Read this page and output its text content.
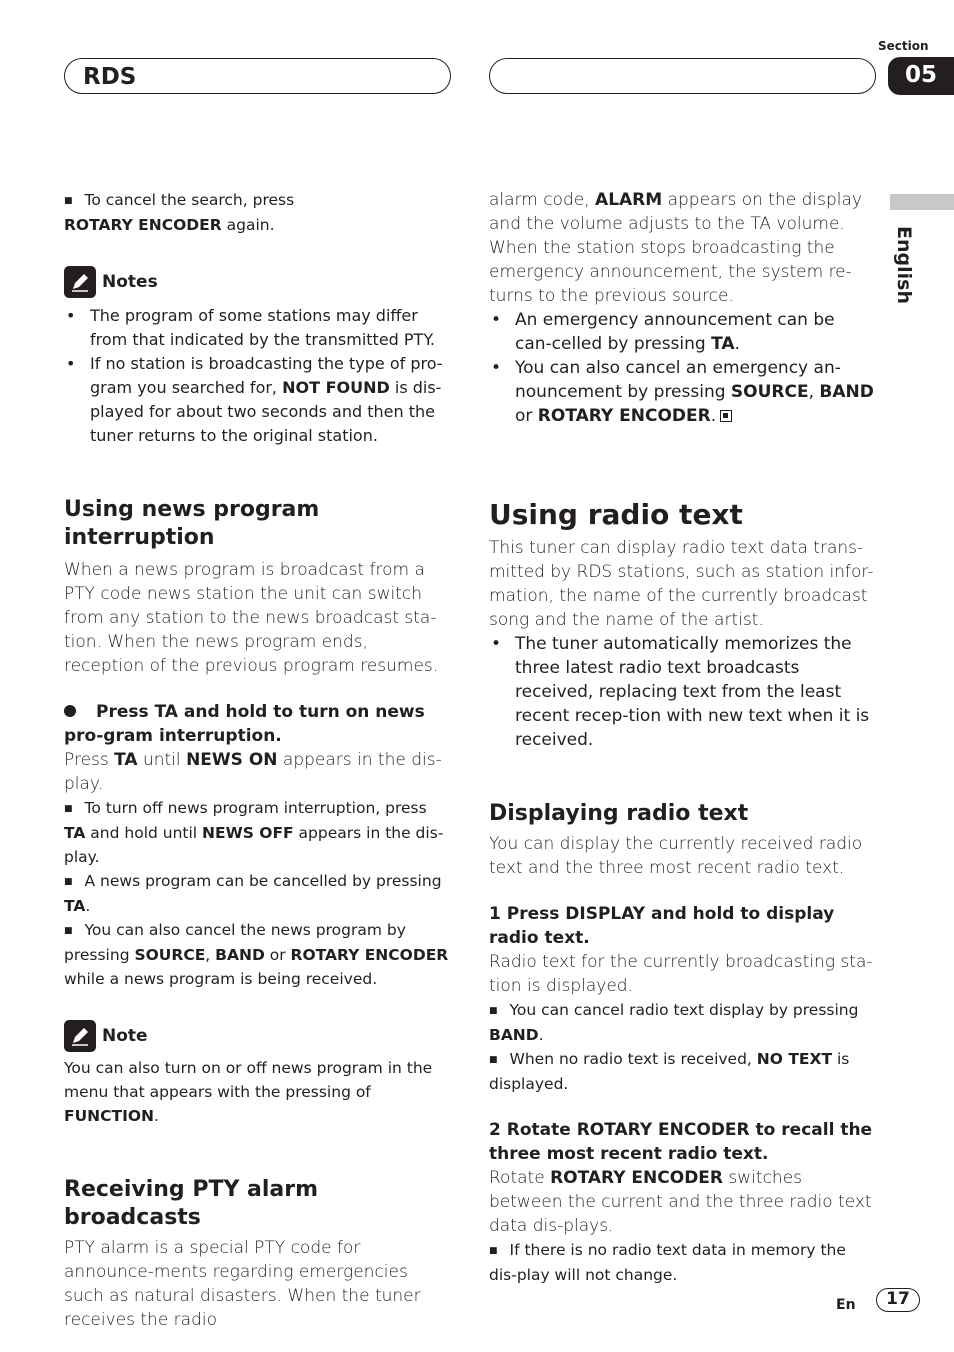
RDS
Section
05
English

■ To cancel the search, press
ROTARY ENCODER again.

Notes

• The program of some stations may differ from that indicated by the transmitted PTY.

• If no station is broadcasting the type of pro-gram you searched for, NOT FOUND is dis-played for about two seconds and then the tuner returns to the original station.

Using news program interruption

When a news program is broadcast from a PTY code news station the unit can switch from any station to the news broadcast sta-tion. When the news program ends, reception of the previous program resumes.

Press TA and hold to turn on news pro-gram interruption.

Press TA until NEWS ON appears in the dis-play.

■ To turn off news program interruption, press TA and hold until NEWS OFF appears in the dis-play.

■ A news program can be cancelled by pressing TA.

■ You can also cancel the news program by pressing SOURCE, BAND or ROTARY ENCODER while a news program is being received.

Note

You can also turn on or off news program in the menu that appears with the pressing of FUNCTION.

Receiving PTY alarm broadcasts

PTY alarm is a special PTY code for announce-ments regarding emergencies such as natural disasters. When the tuner receives the radio

alarm code, ALARM appears on the display and the volume adjusts to the TA volume. When the station stops broadcasting the emergency announcement, the system re-turns to the previous source.

• An emergency announcement can be can-celled by pressing TA.

• You can also cancel an emergency an-nouncement by pressing SOURCE, BAND or ROTARY ENCODER.

Using radio text

This tuner can display radio text data trans-mitted by RDS stations, such as station infor-mation, the name of the currently broadcast song and the name of the artist.

• The tuner automatically memorizes the three latest radio text broadcasts received, replacing text from the least recent recep-tion with new text when it is received.

Displaying radio text

You can display the currently received radio text and the three most recent radio text.

1 Press DISPLAY and hold to display radio text.

Radio text for the currently broadcasting sta-tion is displayed.

■ You can cancel radio text display by pressing BAND.

■ When no radio text is received, NO TEXT is displayed.

2 Rotate ROTARY ENCODER to recall the three most recent radio text.

Rotate ROTARY ENCODER switches between the current and the three radio text data dis-plays.

■ If there is no radio text data in memory the dis-play will not change.

En	17
